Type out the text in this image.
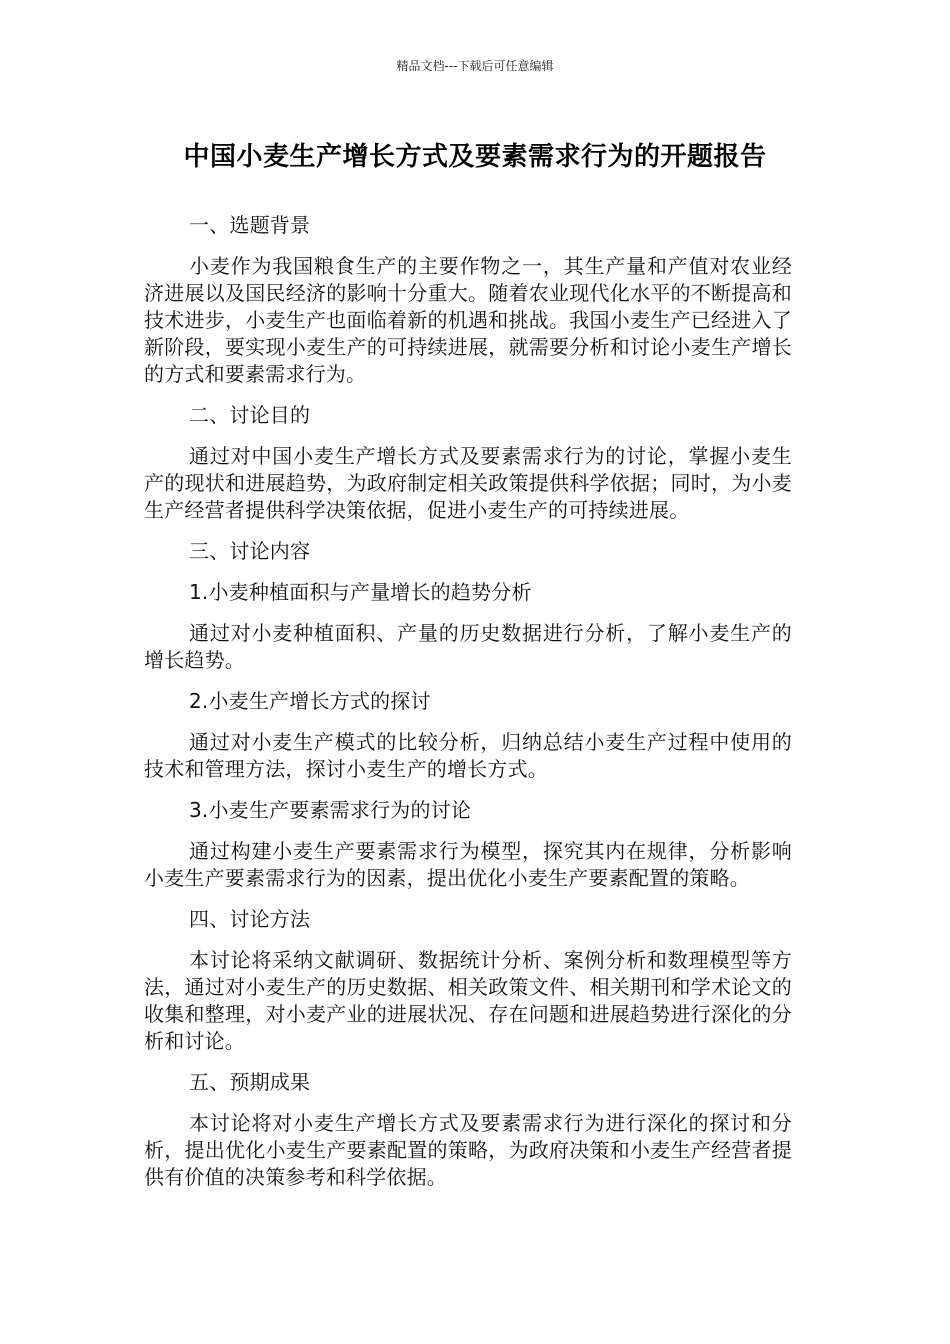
精品文档---下载后可任意编辑
中国小麦生产增长方式及要素需求行为的开题报告

一、选题背景

小麦作为我国粮食生产的主要作物之一，其生产量和产值对农业经济进展以及国民经济的影响十分重大。随着农业现代化水平的不断提高和技术进步，小麦生产也面临着新的机遇和挑战。我国小麦生产已经进入了新阶段，要实现小麦生产的可持续进展，就需要分析和讨论小麦生产增长的方式和要素需求行为。

二、讨论目的

通过对中国小麦生产增长方式及要素需求行为的讨论，掌握小麦生产的现状和进展趋势，为政府制定相关政策提供科学依据；同时，为小麦生产经营者提供科学决策依据，促进小麦生产的可持续进展。

三、讨论内容

1.小麦种植面积与产量增长的趋势分析

通过对小麦种植面积、产量的历史数据进行分析，了解小麦生产的增长趋势。

2.小麦生产增长方式的探讨

通过对小麦生产模式的比较分析，归纳总结小麦生产过程中使用的技术和管理方法，探讨小麦生产的增长方式。

3.小麦生产要素需求行为的讨论

通过构建小麦生产要素需求行为模型，探究其内在规律，分析影响小麦生产要素需求行为的因素，提出优化小麦生产要素配置的策略。

四、讨论方法

本讨论将采纳文献调研、数据统计分析、案例分析和数理模型等方法，通过对小麦生产的历史数据、相关政策文件、相关期刊和学术论文的收集和整理，对小麦产业的进展状况、存在问题和进展趋势进行深化的分析和讨论。

五、预期成果

本讨论将对小麦生产增长方式及要素需求行为进行深化的探讨和分析，提出优化小麦生产要素配置的策略，为政府决策和小麦生产经营者提供有价值的决策参考和科学依据。
